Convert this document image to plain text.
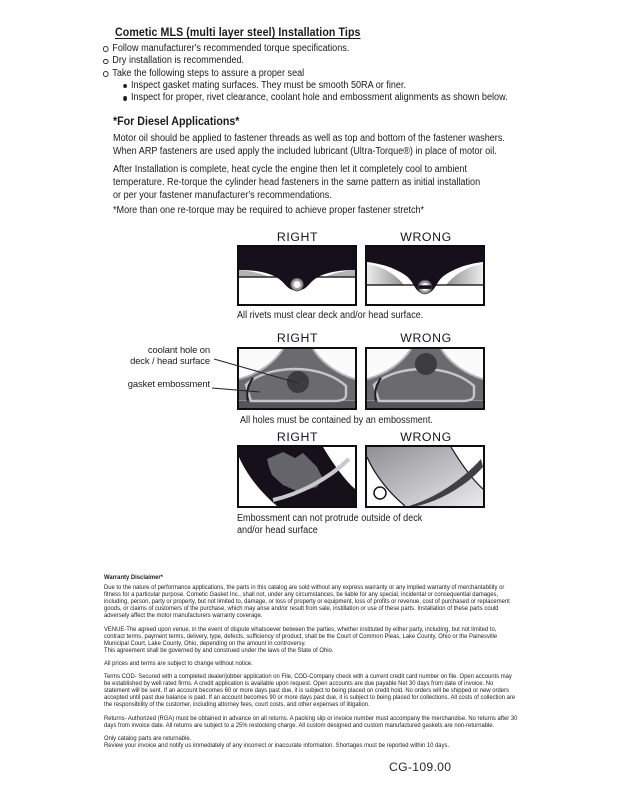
Cometic MLS (multi layer steel) Installation Tips
Follow manufacturer's recommended torque specifications.
Dry installation is recommended.
Take the following steps to assure a proper seal
Inspect gasket mating surfaces. They must be smooth 50RA or finer.
Inspect for proper, rivet clearance, coolant hole and embossment alignments as shown below.
*For Diesel Applications*
Motor oil should be applied to fastener threads as well as top and bottom of the fastener washers.
When ARP fasteners are used apply the included lubricant (Ultra-Torque®) in place of motor oil.
After Installation is complete, heat cycle the engine then let it completely cool to ambient
temperature. Re-torque the cylinder head fasteners in the same pattern as initial installation
or per your fastener manufacturer's recommendations.
*More than one re-torque may be required to achieve proper fastener stretch*
RIGHT	WRONG
All rivets must clear deck and/or head surface.
RIGHT	WRONG
coolant hole on
deck / head surface
gasket embossment
All holes must be contained by an embossment.
RIGHT	WRONG
Embossment can not protrude outside of deck
and/or head surface
Warranty Disclaimer*
Due to the nature of performance applications, the parts in this catalog are sold without any express warranty or any implied warranty of merchantability or fitness for a particular purpose. Cometic Gasket Inc., shall not, under any circumstances, be liable for any special, incidental or consequential damages, including, person, party or property, but not limited to, damage, or loss of property or equipment, loss of profits or revenue, cost of purchased or replacement goods, or claims of customers of the purchase, which may arise and/or result from sale, instillation or use of these parts. Installation of these parts could adversely affect the motor manufacturers warranty coverage.
VENUE-The agreed upon venue, in the event of dispute whatsoever between the parties, whether instituted by either party, including, but not limited to, contract terms, payment terms, delivery, type, defects, sufficiency of product, shall be the Court of Common Pleas, Lake County, Ohio or the Painesville Municipal Court, Lake County, Ohio, depending on the amount in controversy.
This agreement shall be governed by and construed under the laws of the State of Ohio.
All prices and terms are subject to change without notice.
Terms COD- Secured with a completed dealer/jobber application on File, COD-Company check with a current credit card number on file. Open accounts may be established by well rated firms. A credit application is available upon request. Open accounts are due payable Net 30 days from date of invoice. No statement will be sent. If an account becomes 60 or more days past due, it is subject to being placed on credit hold. No orders will be shipped or new orders accepted until past due balance is paid. If an account becomes 90 or more days past due, it is subject to being placed for collections. All costs of collection are the responsibility of the customer, including attorney fees, court costs, and other expenses of litigation.
Returns- Authorized (RGA) must be obtained in advance on all returns. A packing slip or invoice number must accompany the merchandise. No returns after 30 days from invoice date. All returns are subject to a 25% restocking charge. All custom designed and custom manufactured gaskets are non-returnable.
Only catalog parts are returnable.
Review your invoice and notify us immediately of any incorrect or inaccurate information. Shortages must be reported within 10 days.
CG-109.00
